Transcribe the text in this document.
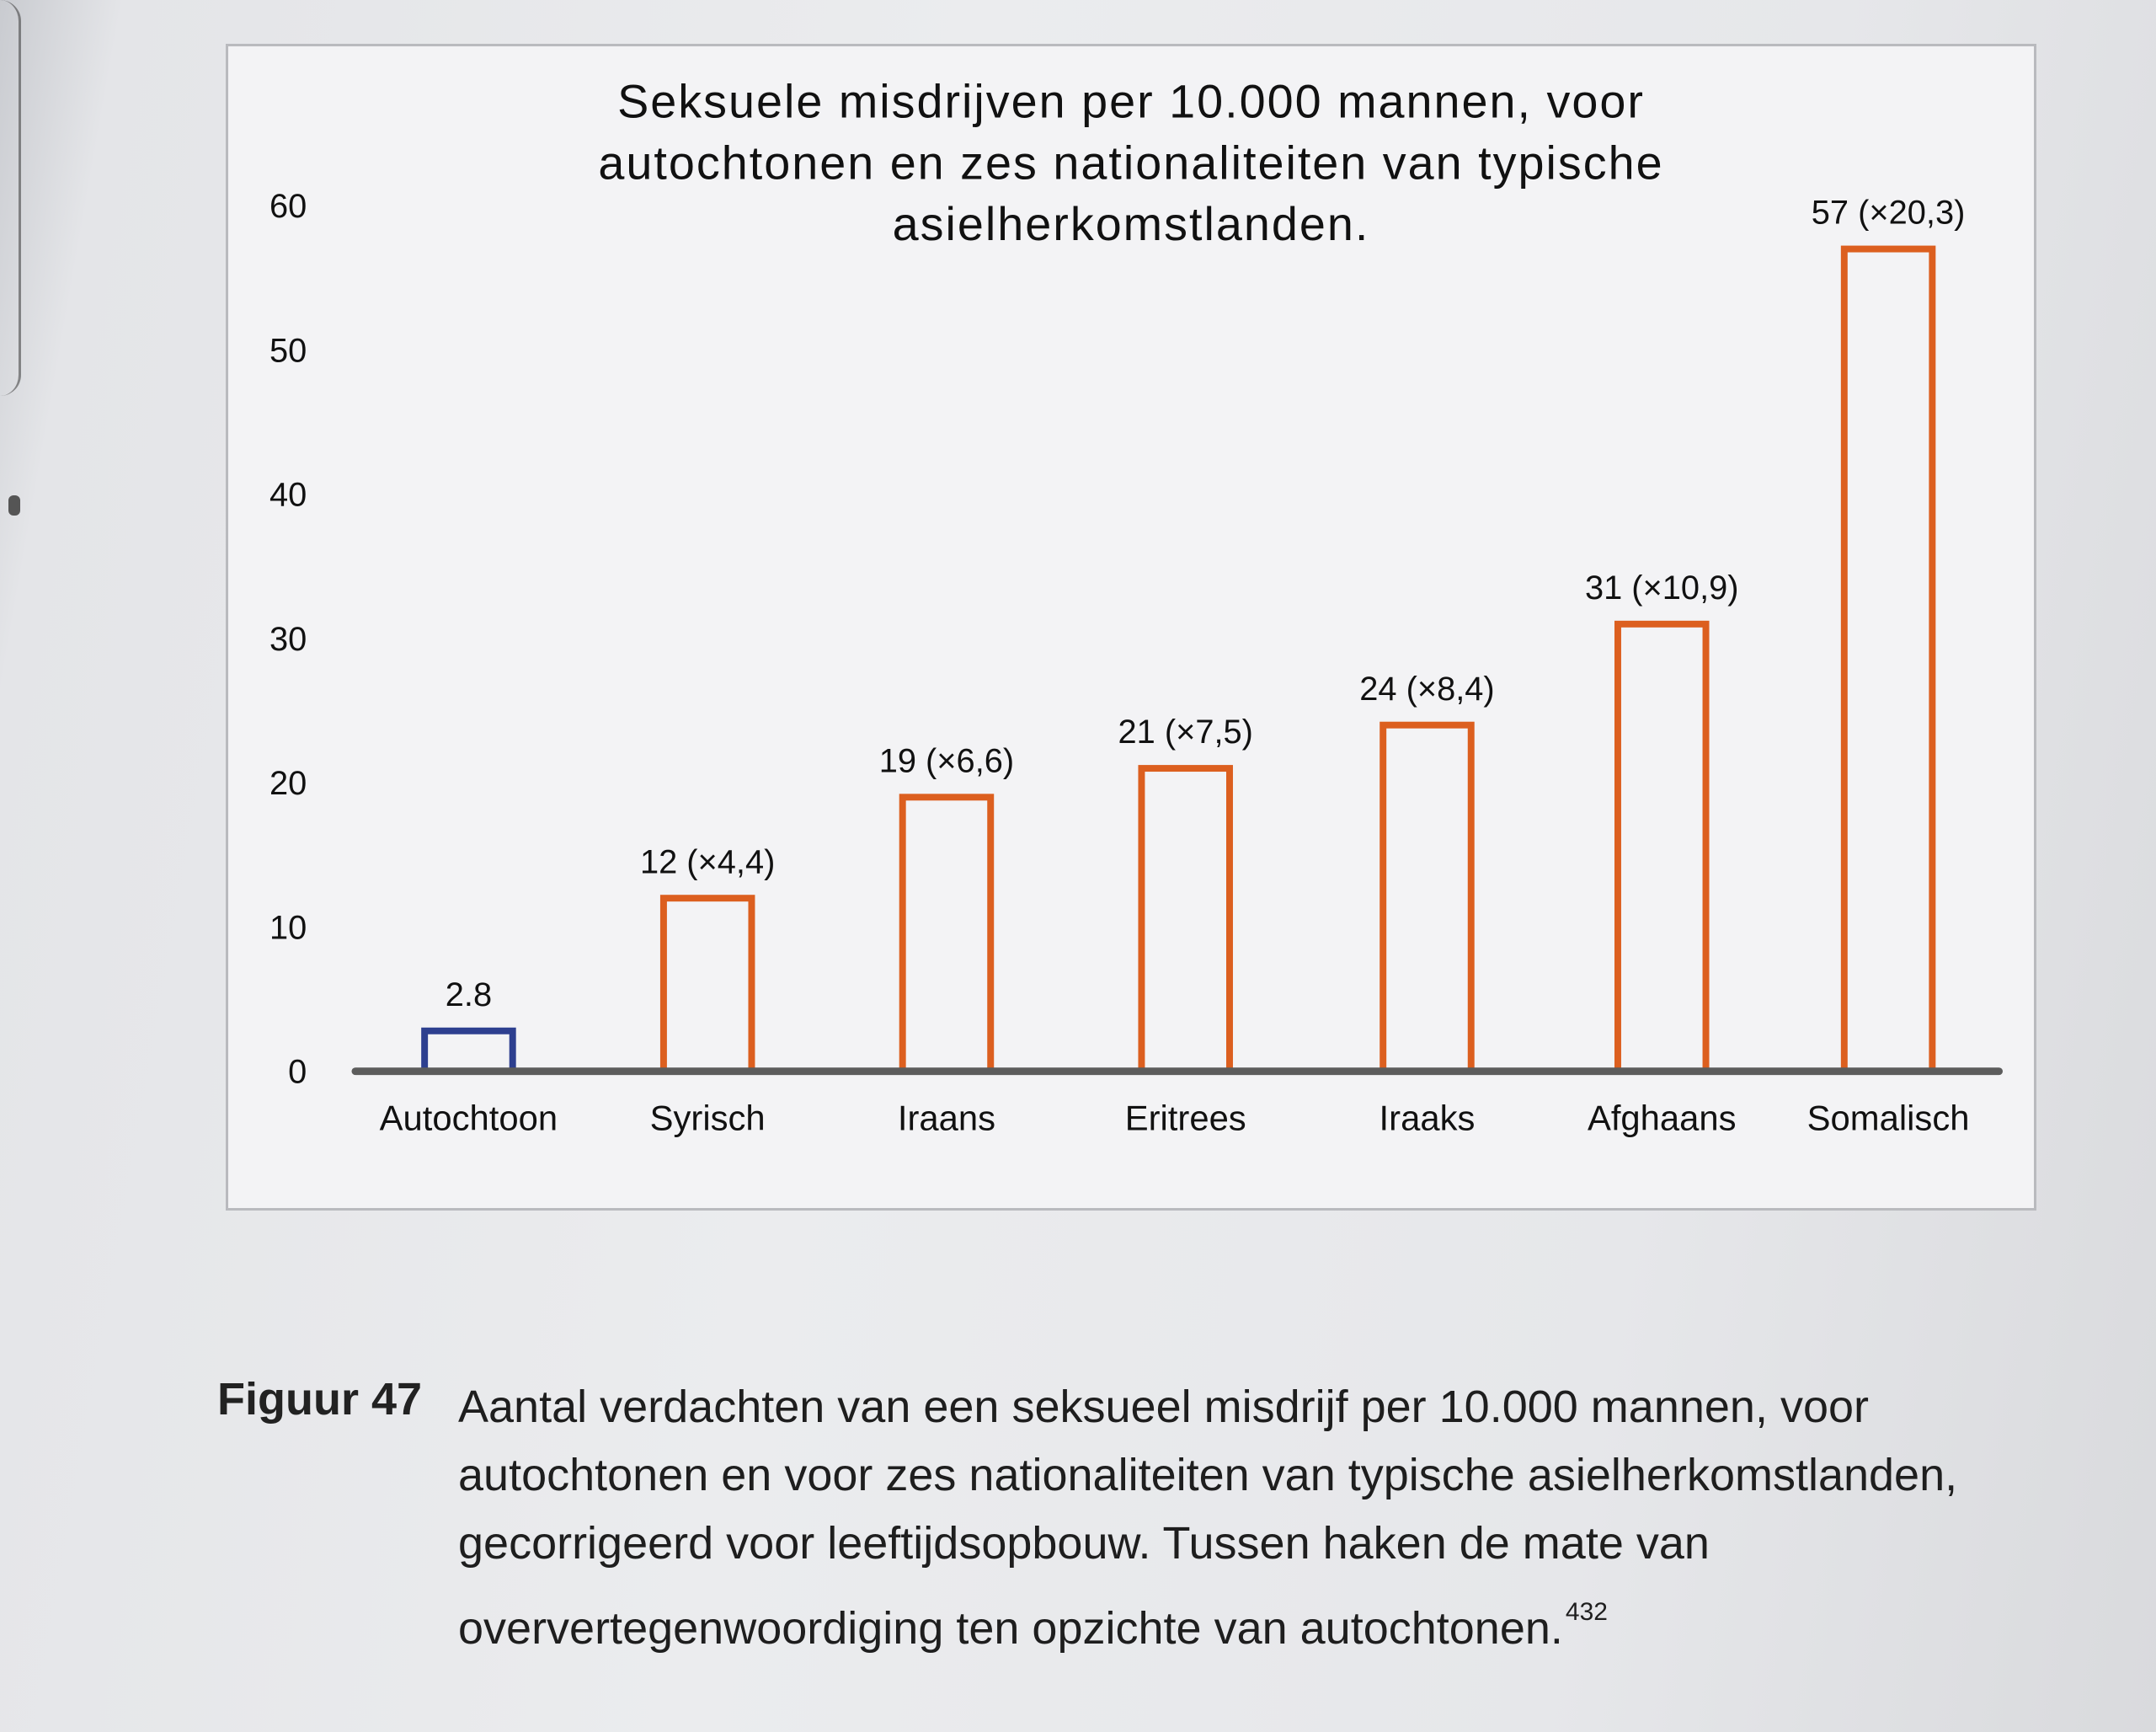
Seksuele misdrijven per 10.000 mannen, voor
autochtonen en zes nationaliteiten van typische
asielherkomstlanden.
0
10
20
30
40
50
60
2.8
12 (×4,4)
19 (×6,6)
21 (×7,5)
24 (×8,4)
31 (×10,9)
57 (×20,3)
Autochtoon	Syrisch	Iraans	Eritrees	Iraaks	Afghaans Somalisch
Figuur 47 Aantal verdachten van een seksueel misdrijf per 10.000 mannen, voor autochtonen en voor zes nationaliteiten van typische asielherkomstlanden, gecorrigeerd voor leeftijdsopbouw. Tussen haken de mate van oververtegenwoordiging ten opzichte van autochtonen. $^{432}$
